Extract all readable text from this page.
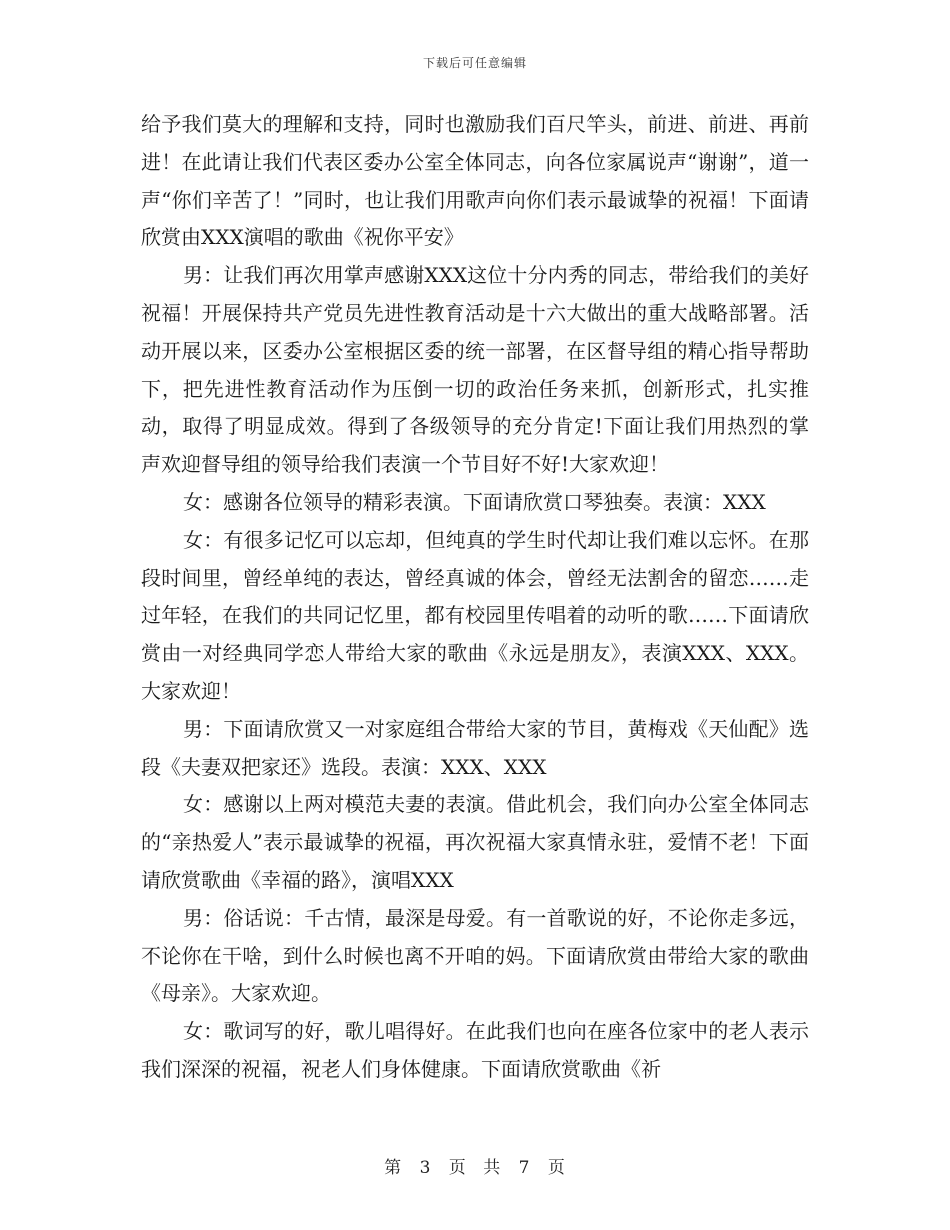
下载后可任意编辑

给予我们莫大的理解和支持，同时也激励我们百尺竿头，前进、前进、再前进！在此请让我们代表区委办公室全体同志，向各位家属说声“谢谢”，道一声“你们辛苦了！”同时，也让我们用歌声向你们表示最诚挚的祝福！下面请欣赏由XXX演唱的歌曲《祝你平安》

男：让我们再次用掌声感谢XXX这位十分内秀的同志，带给我们的美好祝福！开展保持共产党员先进性教育活动是十六大做出的重大战略部署。活动开展以来，区委办公室根据区委的统一部署，在区督导组的精心指导帮助下，把先进性教育活动作为压倒一切的政治任务来抓，创新形式，扎实推动，取得了明显成效。得到了各级领导的充分肯定!下面让我们用热烈的掌声欢迎督导组的领导给我们表演一个节目好不好!大家欢迎！

女：感谢各位领导的精彩表演。下面请欣赏口琴独奏。表演：XXX

女：有很多记忆可以忘却，但纯真的学生时代却让我们难以忘怀。在那段时间里，曾经单纯的表达，曾经真诚的体会，曾经无法割舍的留恋……走过年轻，在我们的共同记忆里，都有校园里传唱着的动听的歌……下面请欣赏由一对经典同学恋人带给大家的歌曲《永远是朋友》，表演XXX、XXX。大家欢迎！

男：下面请欣赏又一对家庭组合带给大家的节目，黄梅戏《天仙配》选段《夫妻双把家还》选段。表演：XXX、XXX

女：感谢以上两对模范夫妻的表演。借此机会，我们向办公室全体同志的“亲热爱人”表示最诚挚的祝福，再次祝福大家真情永驻，爱情不老！下面请欣赏歌曲《幸福的路》，演唱XXX

男：俗话说：千古情，最深是母爱。有一首歌说的好，不论你走多远，不论你在干啥，到什么时候也离不开咱的妈。下面请欣赏由带给大家的歌曲《母亲》。大家欢迎。

女：歌词写的好，歌儿唱得好。在此我们也向在座各位家中的老人表示我们深深的祝福，祝老人们身体健康。下面请欣赏歌曲《祈

第 3 页 共 7 页
